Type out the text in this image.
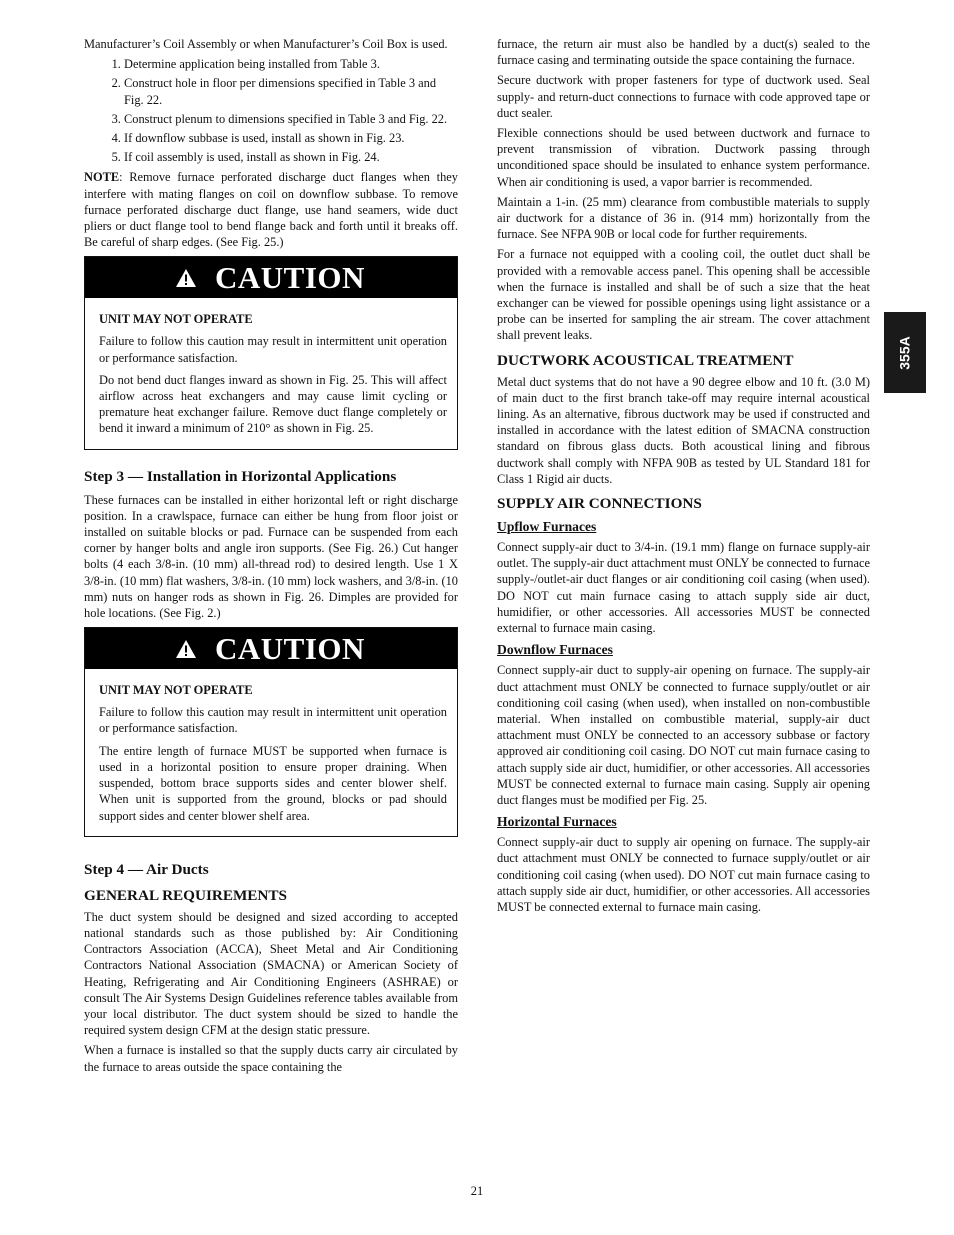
Manufacturer’s Coil Assembly or when Manufacturer’s Coil Box is used.

1. Determine application being installed from Table 3.
2. Construct hole in floor per dimensions specified in Table 3 and Fig. 22.
3. Construct plenum to dimensions specified in Table 3 and Fig. 22.
4. If downflow subbase is used, install as shown in Fig. 23.
5. If coil assembly is used, install as shown in Fig. 24.

NOTE: Remove furnace perforated discharge duct flanges when they interfere with mating flanges on coil on downflow subbase. To remove furnace perforated discharge duct flange, use hand seamers, wide duct pliers or duct flange tool to bend flange back and forth until it breaks off. Be careful of sharp edges. (See Fig. 25.)

CAUTION
UNIT MAY NOT OPERATE

Failure to follow this caution may result in intermittent unit operation or performance satisfaction.

Do not bend duct flanges inward as shown in Fig. 25. This will affect airflow across heat exchangers and may cause limit cycling or premature heat exchanger failure. Remove duct flange completely or bend it inward a minimum of 210° as shown in Fig. 25.

Step 3 — Installation in Horizontal Applications

These furnaces can be installed in either horizontal left or right discharge position. In a crawlspace, furnace can either be hung from floor joist or installed on suitable blocks or pad. Furnace can be suspended from each corner by hanger bolts and angle iron supports. (See Fig. 26.) Cut hanger bolts (4 each 3/8-in. (10 mm) all-thread rod) to desired length. Use 1 X 3/8-in. (10 mm) flat washers, 3/8-in. (10 mm) lock washers, and 3/8-in. (10 mm) nuts on hanger rods as shown in Fig. 26. Dimples are provided for hole locations. (See Fig. 2.)

CAUTION
UNIT MAY NOT OPERATE

Failure to follow this caution may result in intermittent unit operation or performance satisfaction.

The entire length of furnace MUST be supported when furnace is used in a horizontal position to ensure proper draining. When suspended, bottom brace supports sides and center blower shelf. When unit is supported from the ground, blocks or pad should support sides and center blower shelf area.

Step 4 — Air Ducts
GENERAL REQUIREMENTS

The duct system should be designed and sized according to accepted national standards such as those published by: Air Conditioning Contractors Association (ACCA), Sheet Metal and Air Conditioning Contractors National Association (SMACNA) or American Society of Heating, Refrigerating and Air Conditioning Engineers (ASHRAE) or consult The Air Systems Design Guidelines reference tables available from your local distributor. The duct system should be sized to handle the required system design CFM at the design static pressure.

When a furnace is installed so that the supply ducts carry air circulated by the furnace to areas outside the space containing the

furnace, the return air must also be handled by a duct(s) sealed to the furnace casing and terminating outside the space containing the furnace.

Secure ductwork with proper fasteners for type of ductwork used. Seal supply- and return-duct connections to furnace with code approved tape or duct sealer.

Flexible connections should be used between ductwork and furnace to prevent transmission of vibration. Ductwork passing through unconditioned space should be insulated to enhance system performance. When air conditioning is used, a vapor barrier is recommended.

Maintain a 1-in. (25 mm) clearance from combustible materials to supply air ductwork for a distance of 36 in. (914 mm) horizontally from the furnace. See NFPA 90B or local code for further requirements.

For a furnace not equipped with a cooling coil, the outlet duct shall be provided with a removable access panel. This opening shall be accessible when the furnace is installed and shall be of such a size that the heat exchanger can be viewed for possible openings using light assistance or a probe can be inserted for sampling the air stream. The cover attachment shall prevent leaks.

DUCTWORK ACOUSTICAL TREATMENT

Metal duct systems that do not have a 90 degree elbow and 10 ft. (3.0 M) of main duct to the first branch take-off may require internal acoustical lining. As an alternative, fibrous ductwork may be used if constructed and installed in accordance with the latest edition of SMACNA construction standard on fibrous glass ducts. Both acoustical lining and fibrous ductwork shall comply with NFPA 90B as tested by UL Standard 181 for Class 1 Rigid air ducts.

SUPPLY AIR CONNECTIONS
Upflow Furnaces

Connect supply-air duct to 3/4-in. (19.1 mm) flange on furnace supply-air outlet. The supply-air duct attachment must ONLY be connected to furnace supply-/outlet-air duct flanges or air conditioning coil casing (when used). DO NOT cut main furnace casing to attach supply side air duct, humidifier, or other accessories. All accessories MUST be connected external to furnace main casing.

Downflow Furnaces

Connect supply-air duct to supply-air opening on furnace. The supply-air duct attachment must ONLY be connected to furnace supply/outlet or air conditioning coil casing (when used), when installed on non-combustible material. When installed on combustible material, supply-air duct attachment must ONLY be connected to an accessory subbase or factory approved air conditioning coil casing. DO NOT cut main furnace casing to attach supply side air duct, humidifier, or other accessories. All accessories MUST be connected external to furnace main casing. Supply air opening duct flanges must be modified per Fig. 25.

Horizontal Furnaces

Connect supply-air duct to supply air opening on furnace. The supply-air duct attachment must ONLY be connected to furnace supply/outlet or air conditioning coil casing (when used). DO NOT cut main furnace casing to attach supply side air duct, humidifier, or other accessories. All accessories MUST be connected external to furnace main casing.

355A
21
